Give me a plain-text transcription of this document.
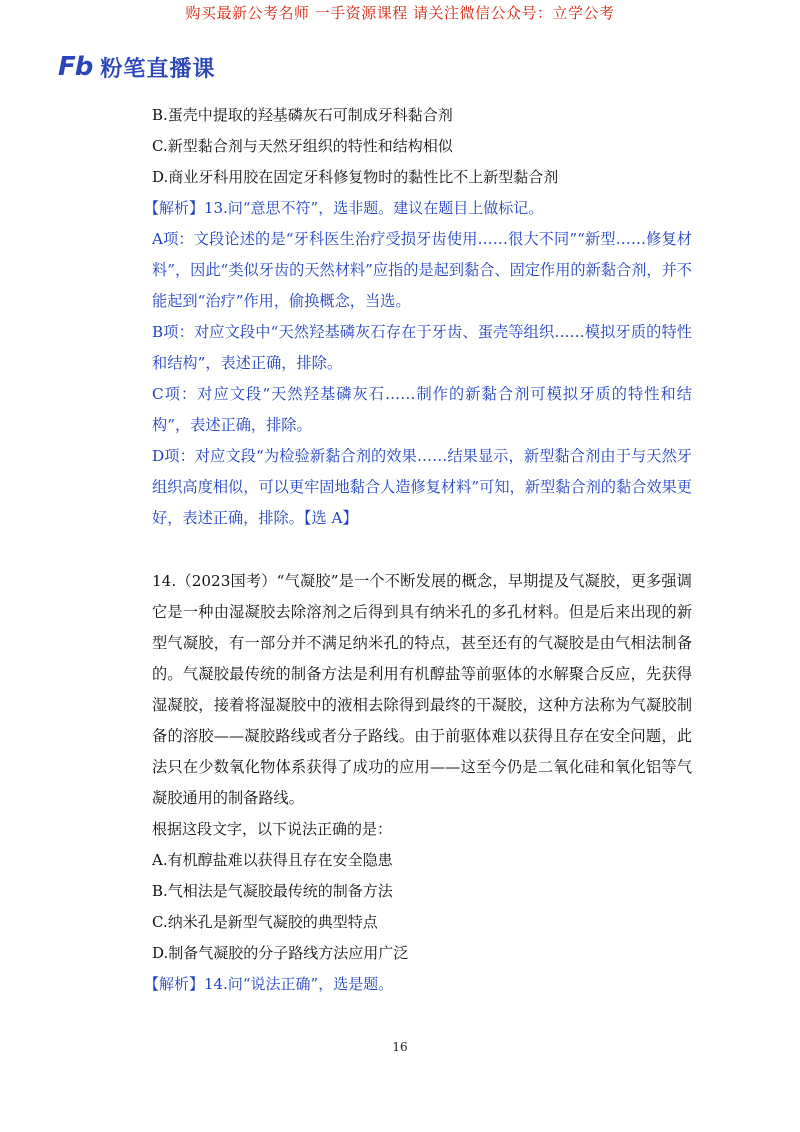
购买最新公考名师 一手资源课程 请关注微信公众号：立学公考
Fb 粉笔直播课
B.蛋壳中提取的羟基磷灰石可制成牙科黏合剂
C.新型黏合剂与天然牙组织的特性和结构相似
D.商业牙科用胶在固定牙科修复物时的黏性比不上新型黏合剂
【解析】13.问“意思不符”，选非题。建议在题目上做标记。

A项：文段论述的是“牙科医生治疗受损牙齿使用……很大不同”“新型……修复材料”，因此“类似牙齿的天然材料”应指的是起到黏合、固定作用的新黏合剂，并不能起到“治疗”作用，偷换概念，当选。

B项：对应文段中“天然羟基磷灰石存在于牙齿、蛋壳等组织……模拟牙质的特性和结构”，表述正确，排除。

C项：对应文段“天然羟基磷灰石……制作的新黏合剂可模拟牙质的特性和结构”，表述正确，排除。

D项：对应文段“为检验新黏合剂的效果……结果显示，新型黏合剂由于与天然牙组织高度相似，可以更牢固地黏合人造修复材料”可知，新型黏合剂的黏合效果更好，表述正确，排除。【选 A】

14.（2023国考）“气凝胶”是一个不断发展的概念，早期提及气凝胶，更多强调它是一种由湿凝胶去除溶剂之后得到具有纳米孔的多孔材料。但是后来出现的新型气凝胶，有一部分并不满足纳米孔的特点，甚至还有的气凝胶是由气相法制备的。气凝胶最传统的制备方法是利用有机醇盐等前驱体的水解聚合反应，先获得湿凝胶，接着将湿凝胶中的液相去除得到最终的干凝胶，这种方法称为气凝胶制备的溶胶——凝胶路线或者分子路线。由于前驱体难以获得且存在安全问题，此法只在少数氧化物体系获得了成功的应用——这至今仍是二氧化硅和氧化铝等气凝胶通用的制备路线。

根据这段文字，以下说法正确的是：
A.有机醇盐难以获得且存在安全隐患
B.气相法是气凝胶最传统的制备方法
C.纳米孔是新型气凝胶的典型特点
D.制备气凝胶的分子路线方法应用广泛
【解析】14.问“说法正确”，选是题。
16
